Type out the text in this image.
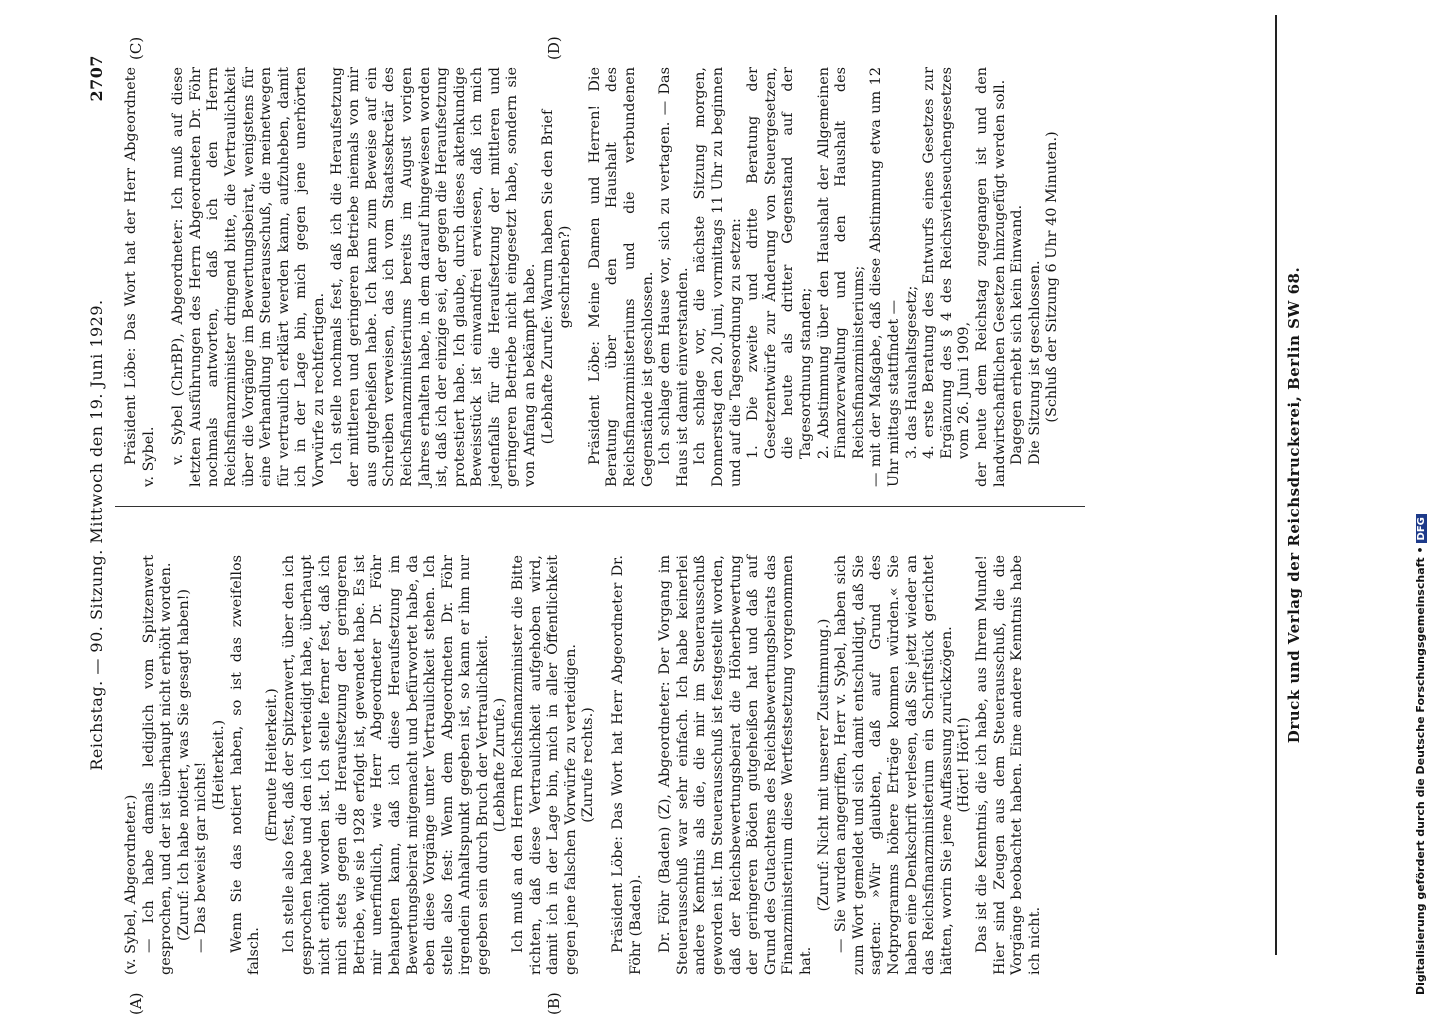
Reichstag. — 90. Sitzung. Mittwoch den 19. Juni 1929.
2707
(A)	(B)
(C)	(D)

(v. Sybel, Abgeordneter.) — Ich habe damals lediglich vom Spitzenwert gesprochen, und der ist überhaupt nicht erhöht worden. (Zuruf: Ich habe notiert, was Sie gesagt haben!) — Das beweist gar nichts! (Heiterkeit.) Wenn Sie das notiert haben, so ist das zweifellos falsch.

(Erneute Heiterkeit.) Ich stelle also fest, daß der Spitzenwert, über den ich gesprochen habe und den ich verteidigt habe, überhaupt nicht erhöht worden ist. Ich stelle ferner fest, daß ich mich stets gegen die Heraufsetzung der geringeren Betriebe, wie sie 1928 erfolgt ist, gewendet habe. Es ist mir unerfindlich, wie Herr Abgeordneter Dr. Föhr behaupten kann, daß ich diese Heraufsetzung im Bewertungsbeirat mitgemacht und befürwortet habe, da eben diese Vorgänge unter Vertraulichkeit stehen. Ich stelle also fest: Wenn dem Abgeordneten Dr. Föhr irgendein Anhaltspunkt gegeben ist, so kann er ihm nur gegeben sein durch Bruch der Vertraulichkeit. (Lebhafte Zurufe.) Ich muß an den Herrn Reichsfinanzminister die Bitte richten, daß diese Vertraulichkeit aufgehoben wird, damit ich in der Lage bin, mich in aller Öffentlichkeit gegen jene falschen Vorwürfe zu verteidigen. (Zurufe rechts.) Präsident Löbe: Das Wort hat Herr Abgeordneter Dr. Föhr (Baden). Dr. Föhr (Baden) (Z), Abgeordneter: Der Vorgang im Steuerausschuß war sehr einfach. Ich habe keinerlei andere Kenntnis als die, die mir im Steuerausschuß geworden ist. Im Steuerausschuß ist festgestellt worden, daß der Reichsbewertungsbeirat die Höherbewertung der geringeren Böden gutgeheißen hat und daß auf Grund des Gutachtens des Reichsbewertungsbeirats das Finanzministerium diese Wertfestsetzung vorgenommen hat.

(Zuruf: Nicht mit unserer Zustimmung.) — Sie wurden angegriffen, Herr v. Sybel, haben sich zum Wort gemeldet und sich damit entschuldigt, daß Sie sagten: »Wir glaubten, daß auf Grund des Notprogramms höhere Erträge kommen würden.« Sie haben eine Denkschrift verlesen, daß Sie jetzt wieder an das Reichsfinanzministerium ein Schriftstück gerichtet hätten, worin Sie jene Auffassung zurückzögen. (Hört! Hört!) Das ist die Kenntnis, die ich habe, aus Ihrem Munde! Hier sind Zeugen aus dem Steuerausschuß, die die Vorgänge beobachtet haben. Eine andere Kenntnis habe ich nicht.

Präsident Löbe: Das Wort hat der Herr Abgeordnete v. Sybel. v. Sybel (ChrBP), Abgeordneter: Ich muß auf diese letzten Ausführungen des Herrn Abgeordneten Dr. Föhr nochmals antworten, daß ich den Herrn Reichsfinanzminister dringend bitte, die Vertraulichkeit über die Vorgänge im Bewertungsbeirat, wenigstens für eine Verhandlung im Steuerausschuß, die meinetwegen für vertraulich erklärt werden kann, aufzuheben, damit ich in der Lage bin, mich gegen jene unerhörten Vorwürfe zu rechtfertigen. Ich stelle nochmals fest, daß ich die Heraufsetzung der mittleren und geringeren Betriebe niemals von mir aus gutgeheißen habe. Ich kann zum Beweise auf ein Schreiben verweisen, das ich vom Staatssekretär des Reichsfinanzministeriums bereits im August vorigen Jahres erhalten habe, in dem darauf hingewiesen worden ist, daß ich der einzige sei, der gegen die Heraufsetzung protestiert habe. Ich glaube, durch dieses aktenkundige Beweisstück ist einwandfrei erwiesen, daß ich mich jedenfalls für die Heraufsetzung der mittleren und geringeren Betriebe nicht eingesetzt habe, sondern sie von Anfang an bekämpft habe. (Lebhafte Zurufe: Warum haben Sie den Brief geschrieben?) Präsident Löbe: Meine Damen und Herren! Die Beratung über den Haushalt des Reichsfinanzministeriums und die verbundenen Gegenstände ist geschlossen. Ich schlage dem Hause vor, sich zu vertagen. — Das Haus ist damit einverstanden. Ich schlage vor, die nächste Sitzung morgen, Donnerstag den 20. Juni, vormittags 11 Uhr zu beginnen und auf die Tagesordnung zu setzen: 1. Die zweite und dritte Beratung der Gesetzentwürfe zur Änderung von Steuergesetzen, die heute als dritter Gegenstand auf der Tagesordnung standen; 2. Abstimmung über den Haushalt der Allgemeinen Finanzverwaltung und den Haushalt des Reichsfinanzministeriums; — mit der Maßgabe, daß diese Abstimmung etwa um 12 Uhr mittags stattfindet — 3. das Haushaltsgesetz; 4. erste Beratung des Entwurfs eines Gesetzes zur Ergänzung des § 4 des Reichsviehseuchengesetzes vom 26. Juni 1909, der heute dem Reichstag zugegangen ist und den landwirtschaftlichen Gesetzen hinzugefügt werden soll. Dagegen erhebt sich kein Einwand. Die Sitzung ist geschlossen. (Schluß der Sitzung 6 Uhr 40 Minuten.)	Druck und Verlag der Reichsdruckerei, Berlin SW 68.
Digitalisierung gefördert durch die Deutsche Forschungsgemeinschaft •DFG
